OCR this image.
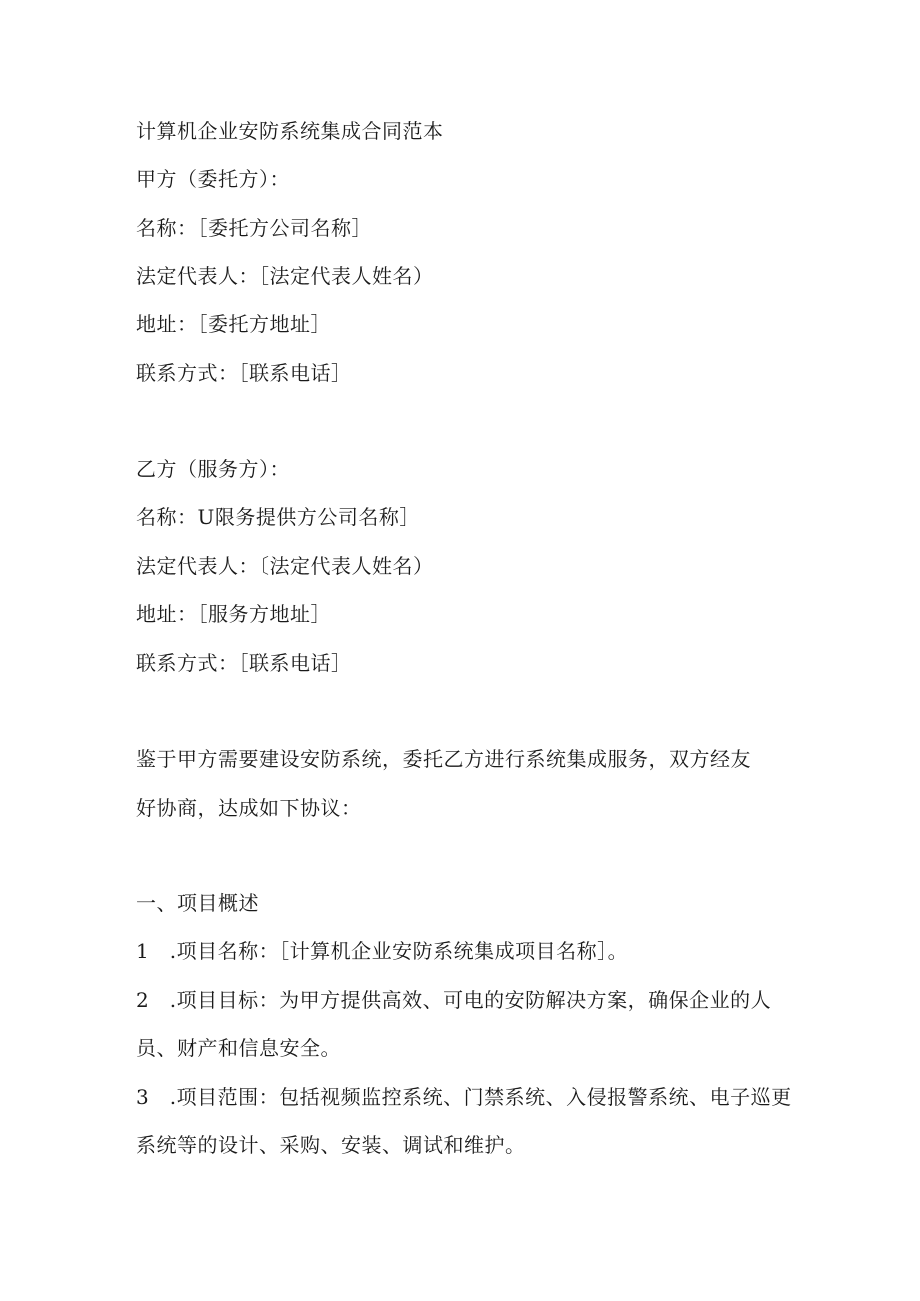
计算机企业安防系统集成合同范本
甲方（委托方）：
名称：［委托方公司名称］
法定代表人：［法定代表人姓名）
地址：［委托方地址］
联系方式：［联系电话］
乙方（服务方）：
名称：U限务提供方公司名称］
法定代表人：〔法定代表人姓名）
地址：［服务方地址］
联系方式：［联系电话］
鉴于甲方需要建设安防系统，委托乙方进行系统集成服务，双方经友
好协商，达成如下协议：
一、项目概述
1　.项目名称：［计算机企业安防系统集成项目名称］。
2　.项目目标：为甲方提供高效、可电的安防解决方案，确保企业的人
员、财产和信息安全。
3　.项目范围：包括视频监控系统、门禁系统、入侵报警系统、电子巡更
系统等的设计、采购、安装、调试和维护。
